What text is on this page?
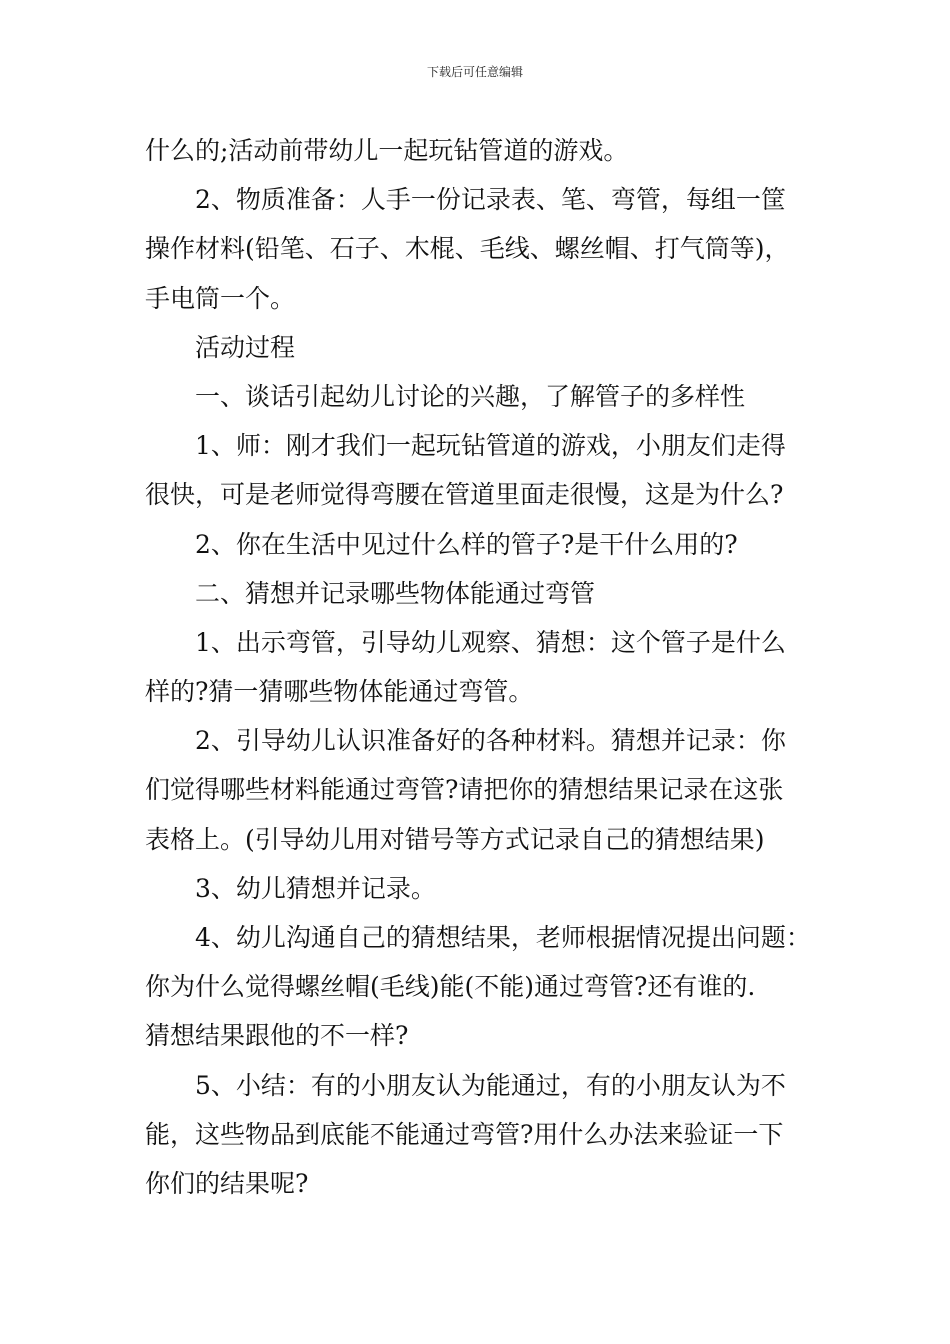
下载后可任意编辑
什么的;活动前带幼儿一起玩钻管道的游戏。
2、物质准备：人手一份记录表、笔、弯管，每组一筐
操作材料(铅笔、石子、木棍、毛线、螺丝帽、打气筒等)，
手电筒一个。
活动过程
一、谈话引起幼儿讨论的兴趣，了解管子的多样性
1、师：刚才我们一起玩钻管道的游戏，小朋友们走得
很快，可是老师觉得弯腰在管道里面走很慢，这是为什么?
2、你在生活中见过什么样的管子?是干什么用的?
二、猜想并记录哪些物体能通过弯管
1、出示弯管，引导幼儿观察、猜想：这个管子是什么
样的?猜一猜哪些物体能通过弯管。
2、引导幼儿认识准备好的各种材料。猜想并记录：你
们觉得哪些材料能通过弯管?请把你的猜想结果记录在这张
表格上。(引导幼儿用对错号等方式记录自己的猜想结果)
3、幼儿猜想并记录。
4、幼儿沟通自己的猜想结果，老师根据情况提出问题：
你为什么觉得螺丝帽(毛线)能(不能)通过弯管?还有谁的.
猜想结果跟他的不一样?
5、小结：有的小朋友认为能通过，有的小朋友认为不
能，这些物品到底能不能通过弯管?用什么办法来验证一下
你们的结果呢?
